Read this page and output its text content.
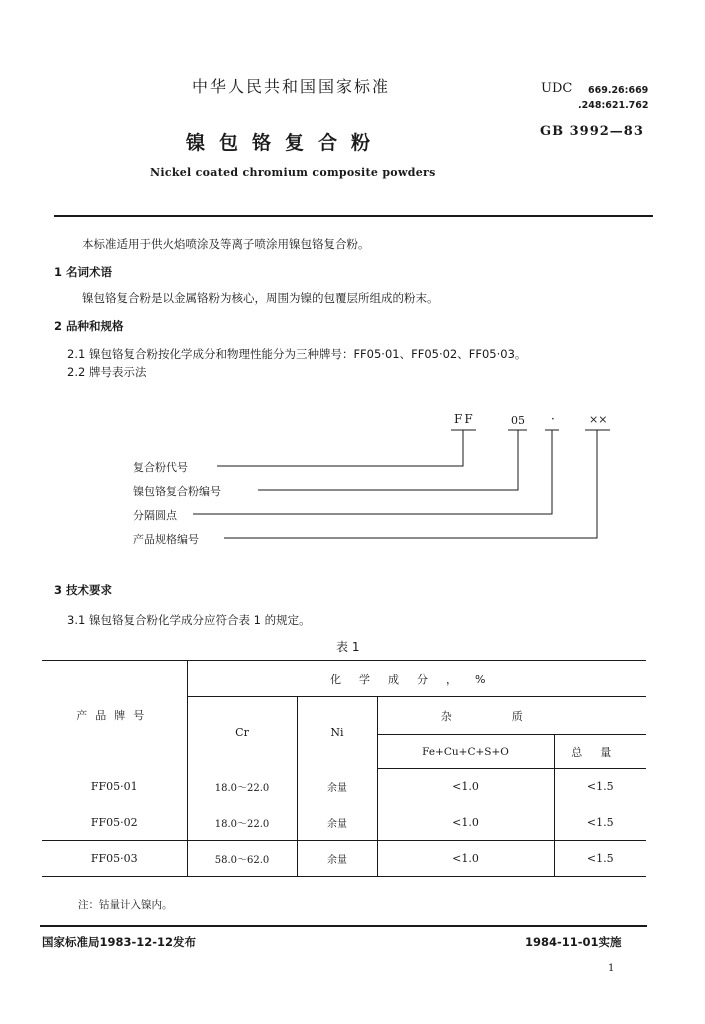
中华人民共和国国家标准	UDC 669.26:669
.248:621.762
GB 3992—83
镍包铬复合粉
Nickel coated chromium composite powders
本标准适用于供火焰喷涂及等离子喷涂用镍包铬复合粉。
1 名词术语
镍包铬复合粉是以金属铬粉为核心，周围为镍的包覆层所组成的粉末。
2 品种和规格
2.1 镍包铬复合粉按化学成分和物理性能分为三种牌号：FF05·01、FF05·02、FF05·03。
2.2 牌号表示法
FF	05 ·	××
复合粉代号
镍包铬复合粉编号
分隔圆点
产品规格编号
3 技术要求
3.1 镍包铬复合粉化学成分应符合表 1 的规定。
表 1
产品牌号	化学成分，%			
	Cr	Ni	杂质	
			Fe+Cu+C+S+O	总量
FF05·01	18.0～22.0	余量	<1.0	<1.5
FF05·02	18.0～22.0	余量	<1.0	<1.5
FF05·03	58.0～62.0	余量	<1.0	<1.5
注：钴量计入镍内。
国家标准局1983-12-12发布	1984-11-01实施
1
